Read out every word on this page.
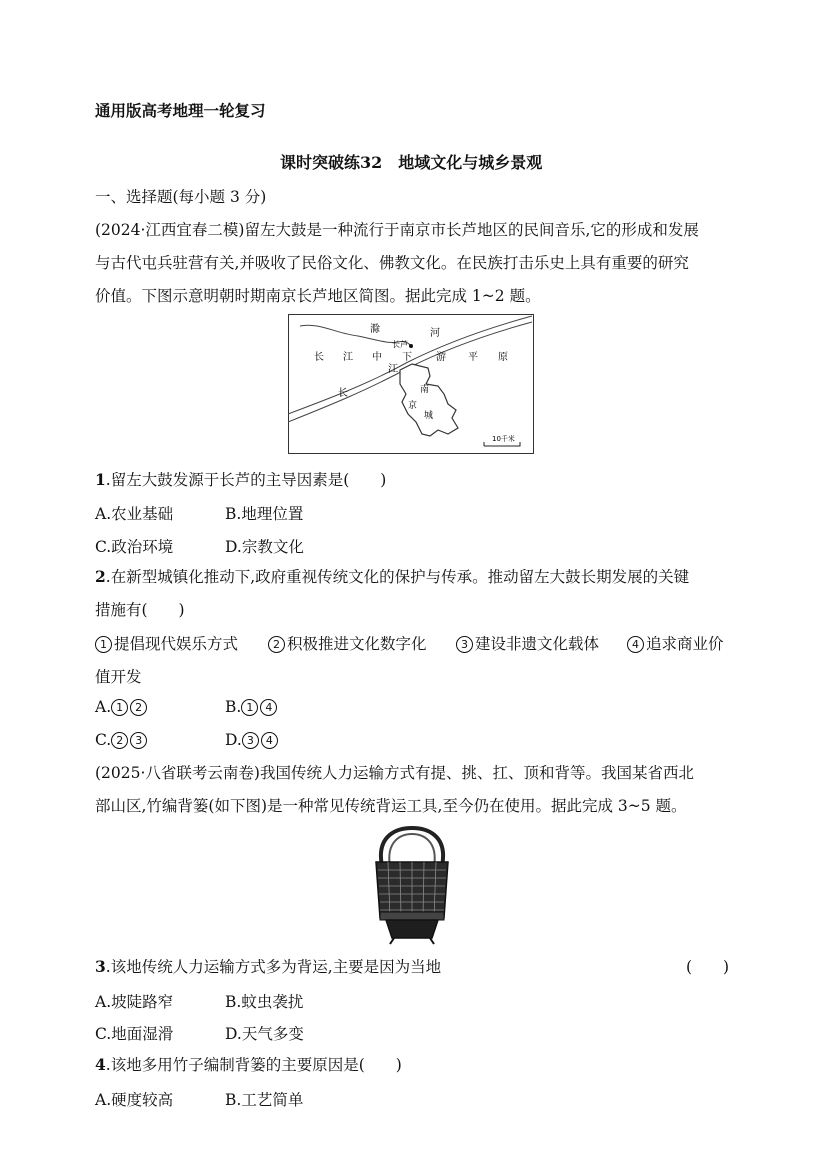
通用版高考地理一轮复习
课时突破练32　地域文化与城乡景观
一、选择题(每小题 3 分)
(2024·江西宜春二模)留左大鼓是一种流行于南京市长芦地区的民间音乐,它的形成和发展
与古代屯兵驻营有关,并吸收了民俗文化、佛教文化。在民族打击乐史上具有重要的研究
价值。下图示意明朝时期南京长芦地区简图。据此完成 1~2 题。
滁	河
长芦
长 江 中 下 游 平 原
江
长	南
京
城
10千米
1.留左大鼓发源于长芦的主导因素是(　　)
A.农业基础	B.地理位置
C.政治环境	D.宗教文化
2.在新型城镇化推动下,政府重视传统文化的保护与传承。推动留左大鼓长期发展的关键
措施有(　　)
1 提倡现代娱乐方式	2 积极推进文化数字化	3 建设非遗文化载体	4 追求商业价
值开发
A. 1 2	B. 1 4
C. 2 3	D. 3 4
(2025·八省联考云南卷)我国传统人力运输方式有提、挑、扛、顶和背等。我国某省西北
部山区,竹编背篓(如下图)是一种常见传统背运工具,至今仍在使用。据此完成 3~5 题。
3.该地传统人力运输方式多为背运,主要是因为当地	(　　)
A.坡陡路窄	B.蚊虫袭扰
C.地面湿滑	D.天气多变
4.该地多用竹子编制背篓的主要原因是(　　)
A.硬度较高	B.工艺简单
